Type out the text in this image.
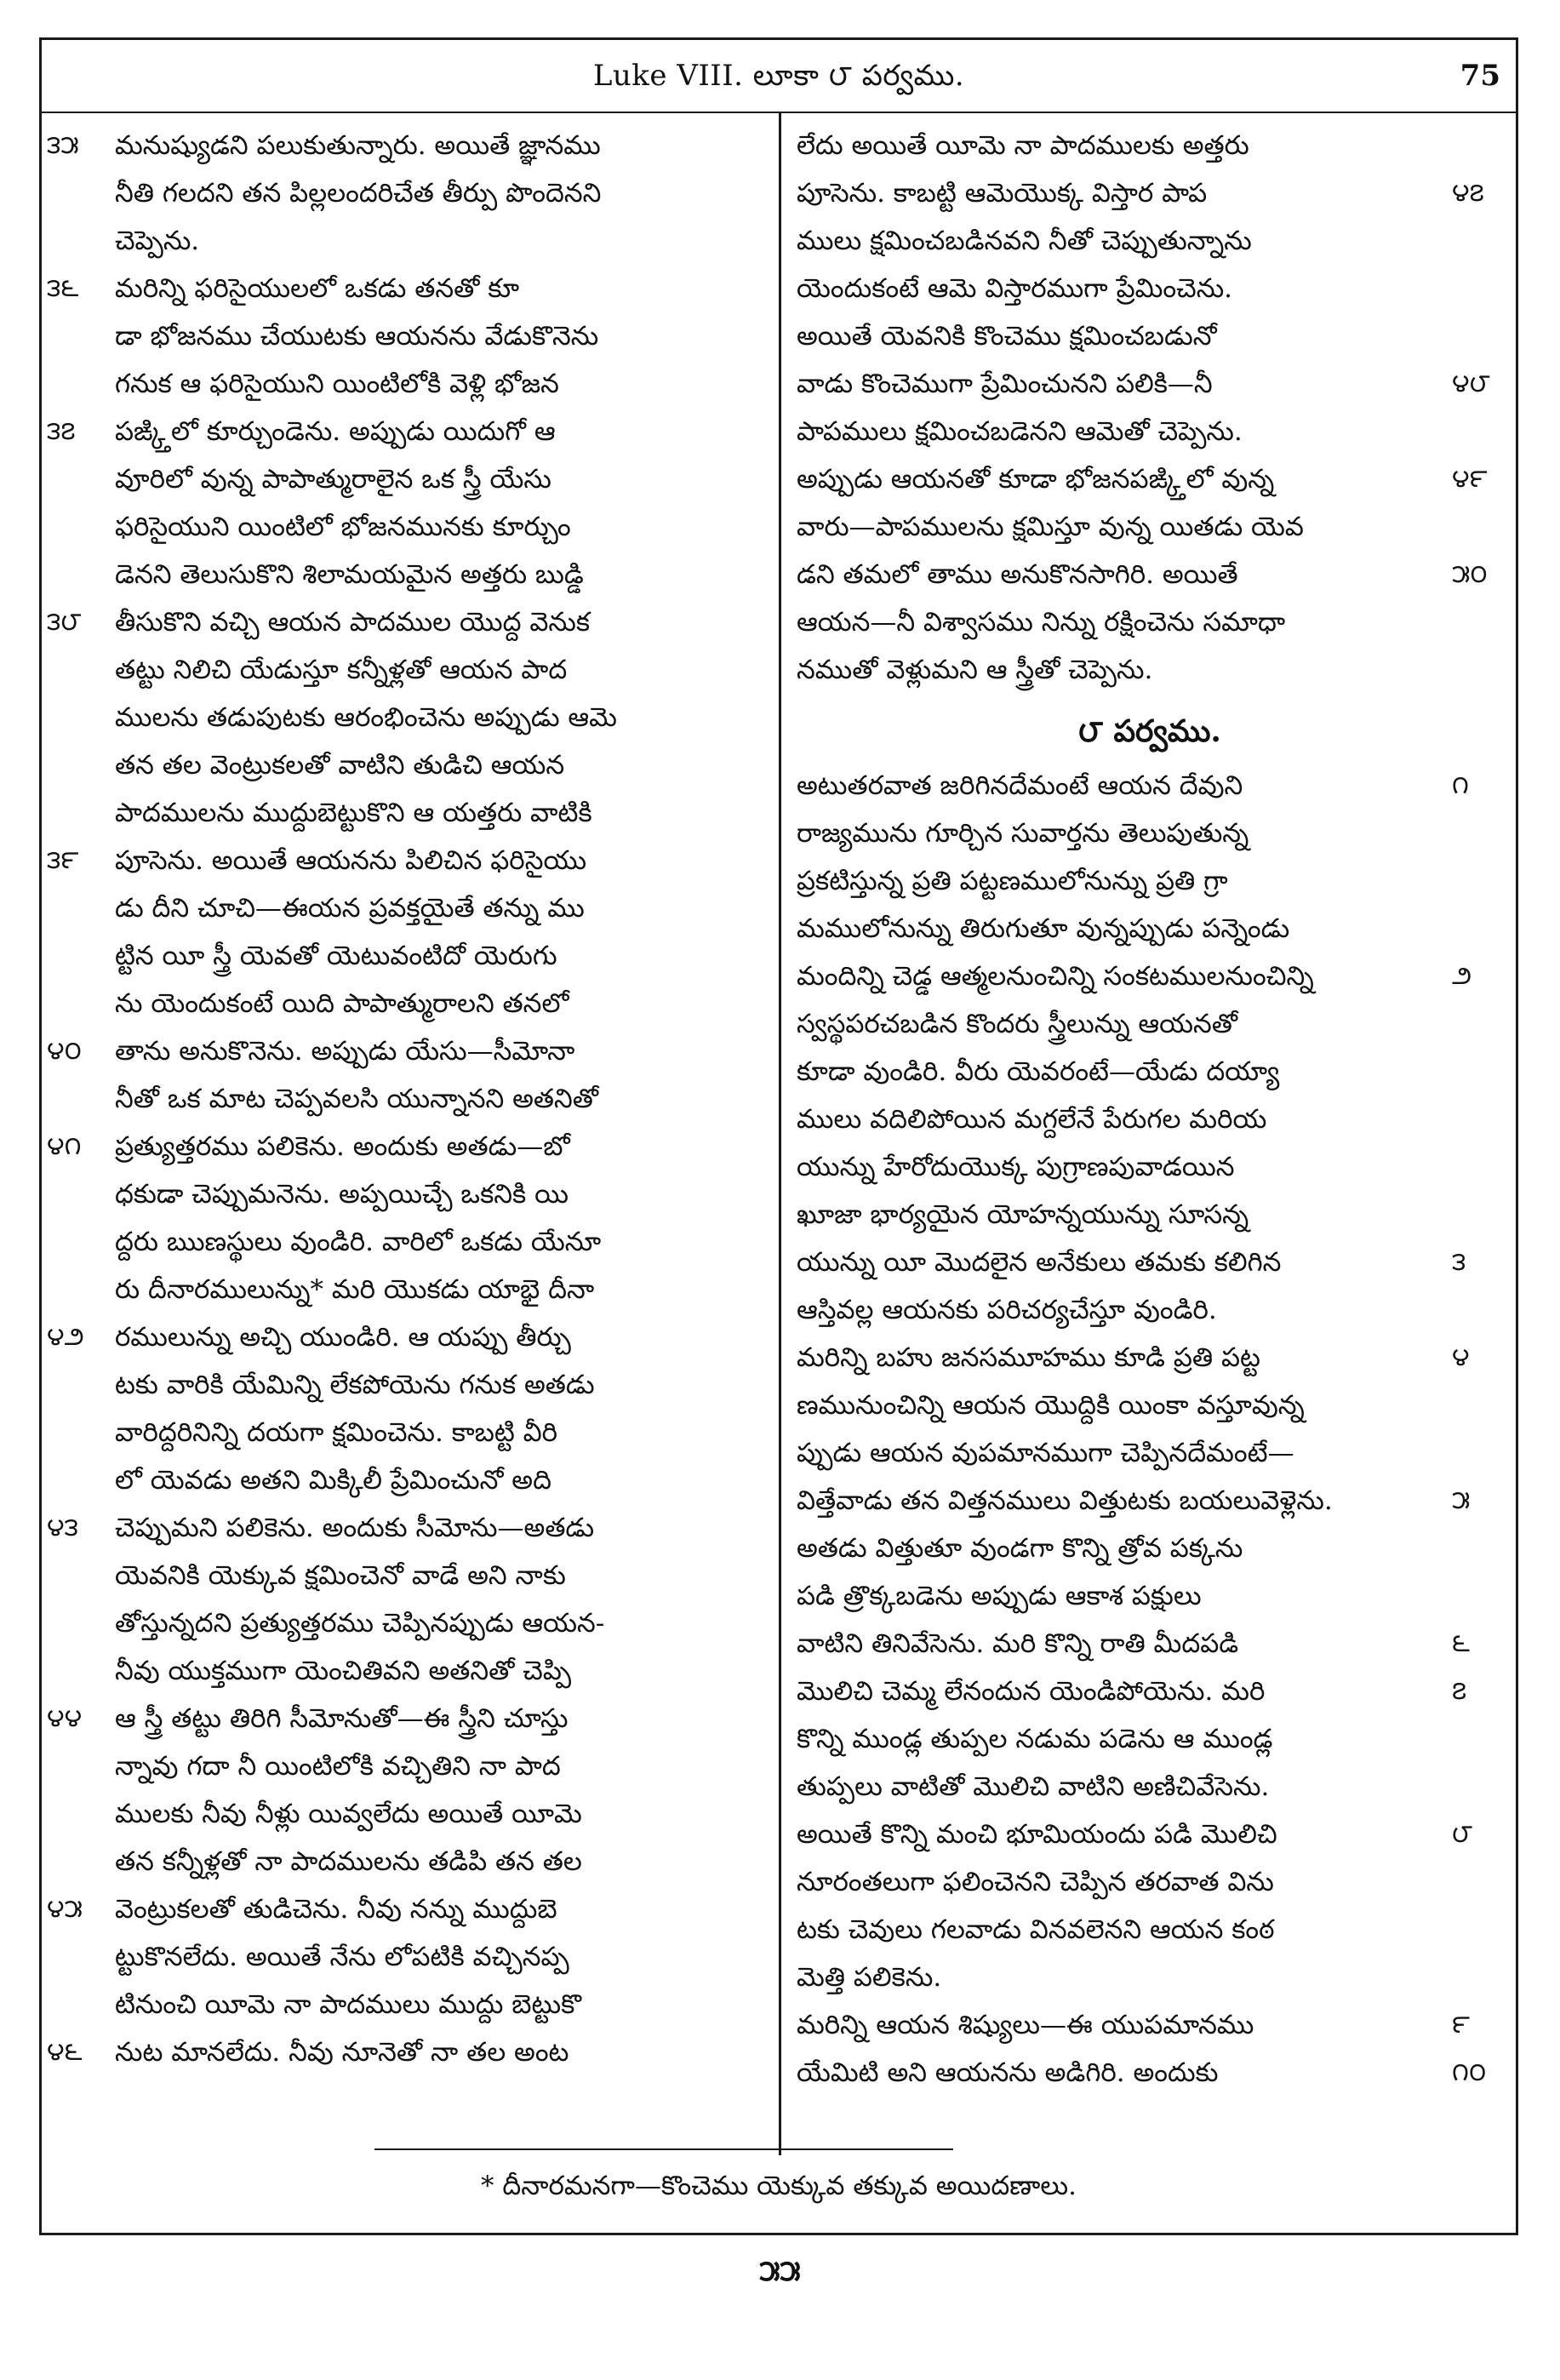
Luke VIII. లూకా ౮ పర్వము.	75
మనుష్యుడని పలుకుతున్నారు. అయితే జ్ఞానము
౩౫
నీతి గలదని తన పిల్లలందరిచేత తీర్పు పొందెనని
చెప్పెను.
మరిన్ని ఫరిసైయులలో ఒకడు తనతో కూ
౩౬
డా భోజనము చేయుటకు ఆయనను వేడుకొనెను
గనుక ఆ ఫరిసైయుని యింటిలోకి వెళ్లి భోజన
పఙ్క్తిలో కూర్చుండెను. అప్పుడు యిదుగో ఆ
౩౭
వూరిలో వున్న పాపాత్మురాలైన ఒక స్త్రీ యేసు
ఫరిసైయుని యింటిలో భోజనమునకు కూర్చుం
డెనని తెలుసుకొని శిలామయమైన అత్తరు బుడ్డి
తీసుకొని వచ్చి ఆయన పాదముల యొద్ద వెనుక
౩౮
తట్టు నిలిచి యేడుస్తూ కన్నీళ్లతో ఆయన పాద
ములను తడుపుటకు ఆరంభించెను అప్పుడు ఆమె
తన తల వెంట్రుకలతో వాటిని తుడిచి ఆయన
పాదములను ముద్దుబెట్టుకొని ఆ యత్తరు వాటికి
పూసెను. అయితే ఆయనను పిలిచిన ఫరిసైయు
౩౯
డు దీని చూచి—ఈయన ప్రవక్తయైతే తన్ను ము
ట్టిన యీ స్త్రీ యెవతో యెటువంటిదో యెరుగు
ను యెందుకంటే యిది పాపాత్మురాలని తనలో
తాను అనుకొనెను. అప్పుడు యేసు—సీమోనా
౪౦
నీతో ఒక మాట చెప్పవలసి యున్నానని అతనితో
ప్రత్యుత్తరము పలికెను. అందుకు అతడు—బో
౪౧
ధకుడా చెప్పుమనెను. అప్పయిచ్చే ఒకనికి యి
ద్దరు ఋణస్థులు వుండిరి. వారిలో ఒకడు యేనూ
రు దీనారములున్ను* మరి యొకడు యాభై దీనా
రములున్ను అచ్చి యుండిరి. ఆ యప్పు తీర్చు
౪౨
టకు వారికి యేమిన్ని లేకపోయెను గనుక అతడు
వారిద్దరినిన్ని దయగా క్షమించెను. కాబట్టి వీరి
లో యెవడు అతని మిక్కిలీ ప్రేమించునో అది
చెప్పుమని పలికెను. అందుకు సీమోను—అతడు
౪౩
యెవనికి యెక్కువ క్షమించెనో వాడే అని నాకు
తోస్తున్నదని ప్రత్యుత్తరము చెప్పినప్పుడు ఆయన-
నీవు యుక్తముగా యెంచితివని అతనితో చెప్పి
ఆ స్త్రీ తట్టు తిరిగి సీమోనుతో—ఈ స్త్రీని చూస్తు
౪౪
న్నావు గదా నీ యింటిలోకి వచ్చితిని నా పాద
ములకు నీవు నీళ్లు యివ్వలేదు అయితే యీమె
తన కన్నీళ్లతో నా పాదములను తడిపి తన తల
వెంట్రుకలతో తుడిచెను. నీవు నన్ను ముద్దుబె
౪౫
ట్టుకొనలేదు. అయితే నేను లోపటికి వచ్చినప్ప
టినుంచి యీమె నా పాదములు ముద్దు బెట్టుకొ
నుట మానలేదు. నీవు నూనెతో నా తల అంట
౪౬
లేదు అయితే యీమె నా పాదములకు అత్తరు
పూసెను. కాబట్టి ఆమెయొక్క విస్తార పాప	౪౭
ములు క్షమించబడినవని నీతో చెప్పుతున్నాను
యెందుకంటే ఆమె విస్తారముగా ప్రేమించెను.
అయితే యెవనికి కొంచెము క్షమించబడునో
వాడు కొంచెముగా ప్రేమించునని పలికి—నీ	౪౮
పాపములు క్షమించబడెనని ఆమెతో చెప్పెను.
అప్పుడు ఆయనతో కూడా భోజనపఙ్క్తిలో వున్న	౪౯
వారు—పాపములను క్షమిస్తూ వున్న యితడు యెవ
డని తమలో తాము అనుకొనసాగిరి. అయితే	౫౦
ఆయన—నీ విశ్వాసము నిన్ను రక్షించెను సమాధా
నముతో వెళ్లుమని ఆ స్త్రీతో చెప్పెను.
౮ పర్వము.
అటుతరవాత జరిగినదేమంటే ఆయన దేవుని	౧
రాజ్యమును గూర్చిన సువార్తను తెలుపుతున్న
ప్రకటిస్తున్న ప్రతి పట్టణములోనున్ను ప్రతి గ్రా
మములోనున్ను తిరుగుతూ వున్నప్పుడు పన్నెండు
మందిన్ని చెడ్డ ఆత్మలనుంచిన్ని సంకటములనుంచిన్ని	౨
స్వస్థపరచబడిన కొందరు స్త్రీలున్ను ఆయనతో
కూడా వుండిరి. వీరు యెవరంటే—యేడు దయ్యా
ములు వదిలిపోయిన మగ్దలేనే పేరుగల మరియ
యున్ను హేరోదుయొక్క పుగ్రాణపువాడయిన
ఖూజా భార్యయైన యోహన్నయున్ను సూసన్న
యున్ను యీ మొదలైన అనేకులు తమకు కలిగిన	౩
ఆస్తివల్ల ఆయనకు పరిచర్యచేస్తూ వుండిరి.
మరిన్ని బహు జనసమూహము కూడి ప్రతి పట్ట	౪
ణమునుంచిన్ని ఆయన యొద్దికి యింకా వస్తూవున్న
ప్పుడు ఆయన వుపమానముగా చెప్పినదేమంటే—
విత్తేవాడు తన విత్తనములు విత్తుటకు బయలువెళ్లెను.	౫
అతడు విత్తుతూ వుండగా కొన్ని త్రోవ పక్కను
పడి త్రొక్కబడెను అప్పుడు ఆకాశ పక్షులు
వాటిని తినివేసెను. మరి కొన్ని రాతి మీదపడి	౬
మొలిచి చెమ్మ లేనందున యెండిపోయెను. మరి	౭
కొన్ని ముండ్ల తుప్పల నడుమ పడెను ఆ ముండ్ల
తుప్పలు వాటితో మొలిచి వాటిని అణిచివేసెను.
అయితే కొన్ని మంచి భూమియందు పడి మొలిచి	౮
నూరంతలుగా ఫలించెనని చెప్పిన తరవాత విను
టకు చెవులు గలవాడు వినవలెనని ఆయన కంఠ
మెత్తి పలికెను.
మరిన్ని ఆయన శిష్యులు—ఈ యుపమానము	౯
యేమిటి అని ఆయనను అడిగిరి. అందుకు	౧౦
* దీనారమనగా—కొంచెము యెక్కువ తక్కువ అయిదణాలు.
౫౫
